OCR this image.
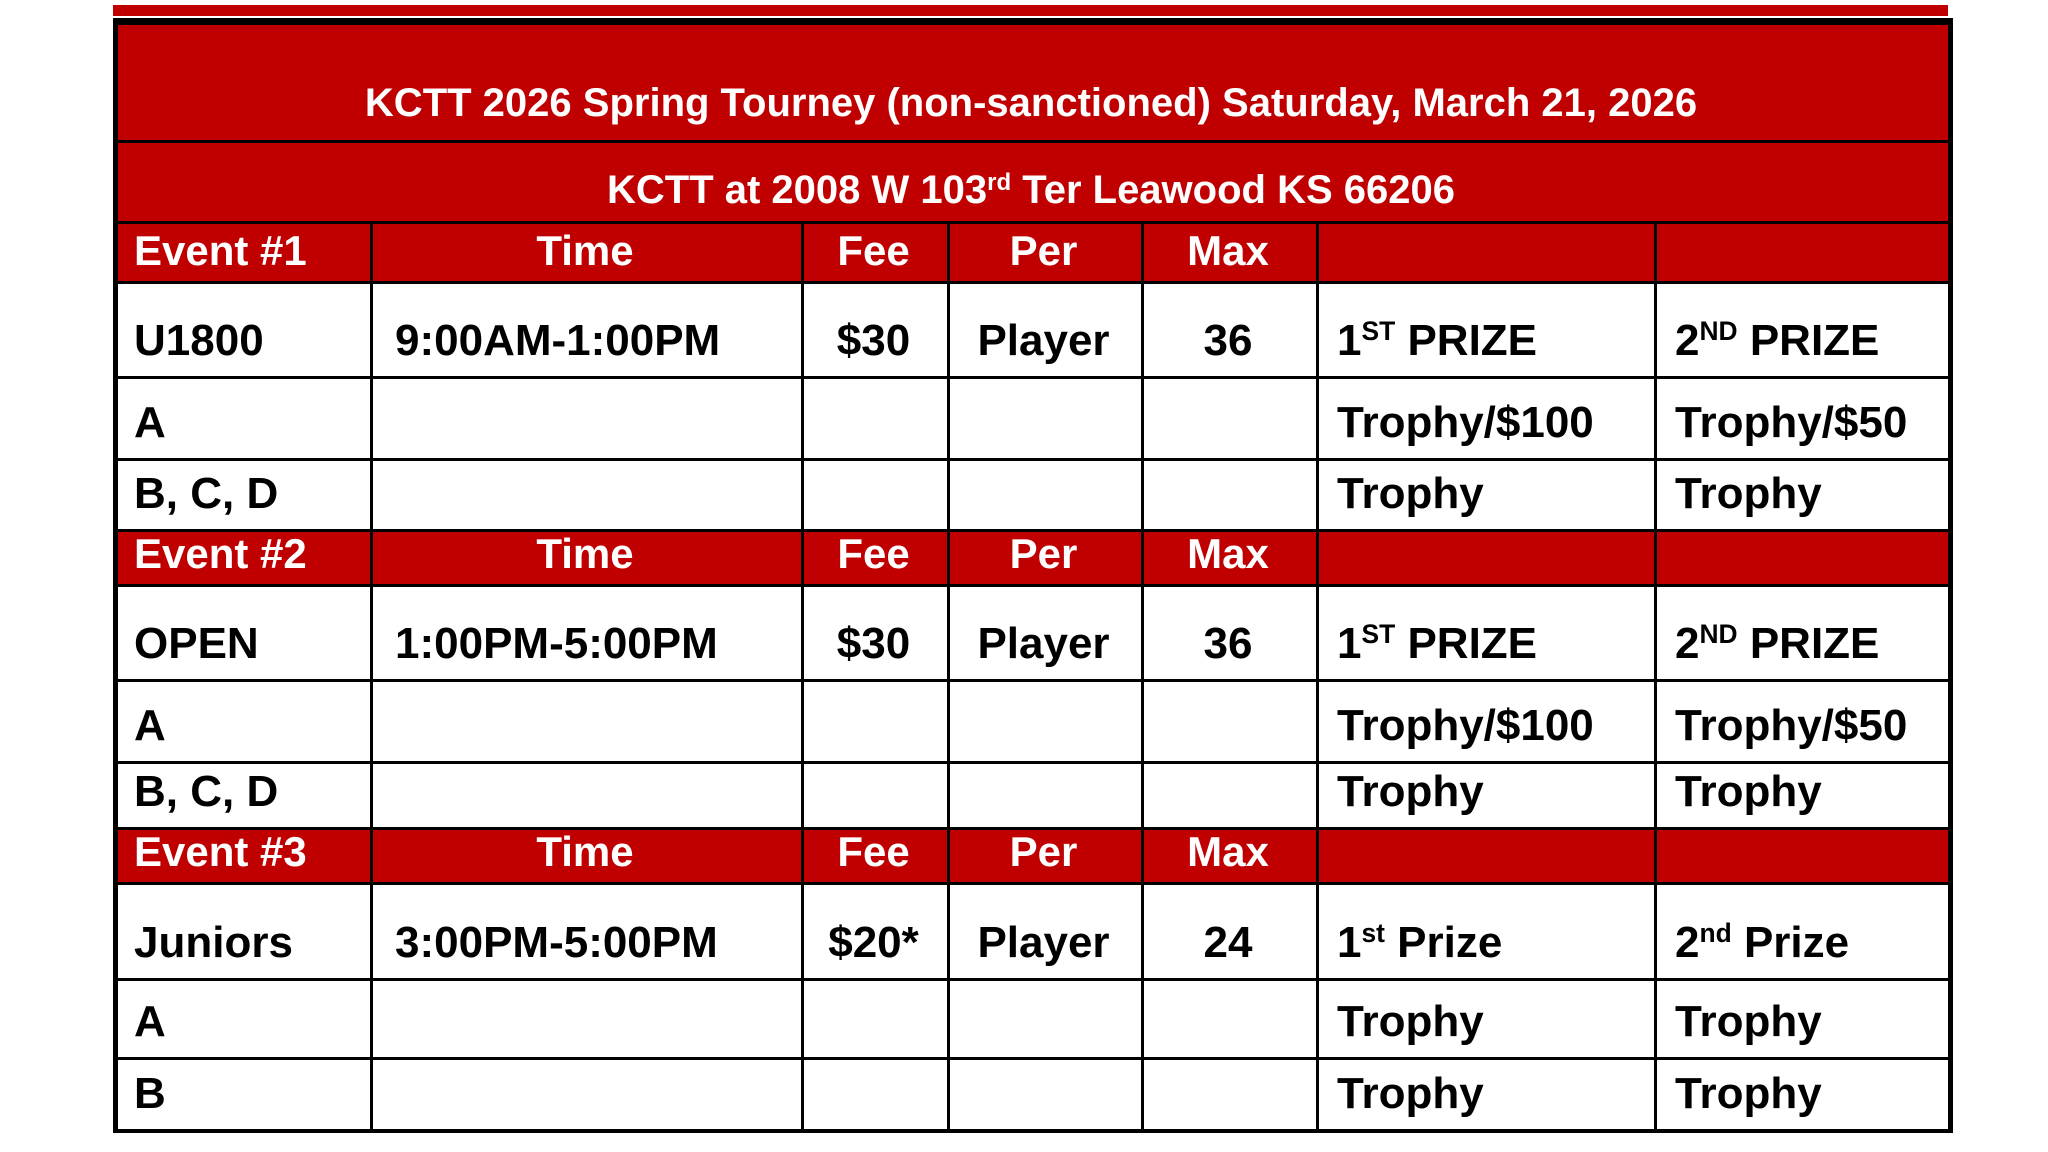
KCTT 2026 Spring Tourney (non-sanctioned) Saturday, March 21, 2026						
KCTT at 2008 W 103rd Ter Leawood KS 66206						
Event #1	Time	Fee	Per	Max		
U1800	9:00AM-1:00PM	$30	Player	36	1ST PRIZE	2ND PRIZE
A					Trophy/$100	Trophy/$50
B, C, D					Trophy	Trophy
Event #2	Time	Fee	Per	Max		
OPEN	1:00PM-5:00PM	$30	Player	36	1ST PRIZE	2ND PRIZE
A					Trophy/$100	Trophy/$50
B, C, D					Trophy	Trophy
Event #3	Time	Fee	Per	Max		
Juniors	3:00PM-5:00PM	$20*	Player	24	1st Prize	2nd Prize
A					Trophy	Trophy
B					Trophy	Trophy
